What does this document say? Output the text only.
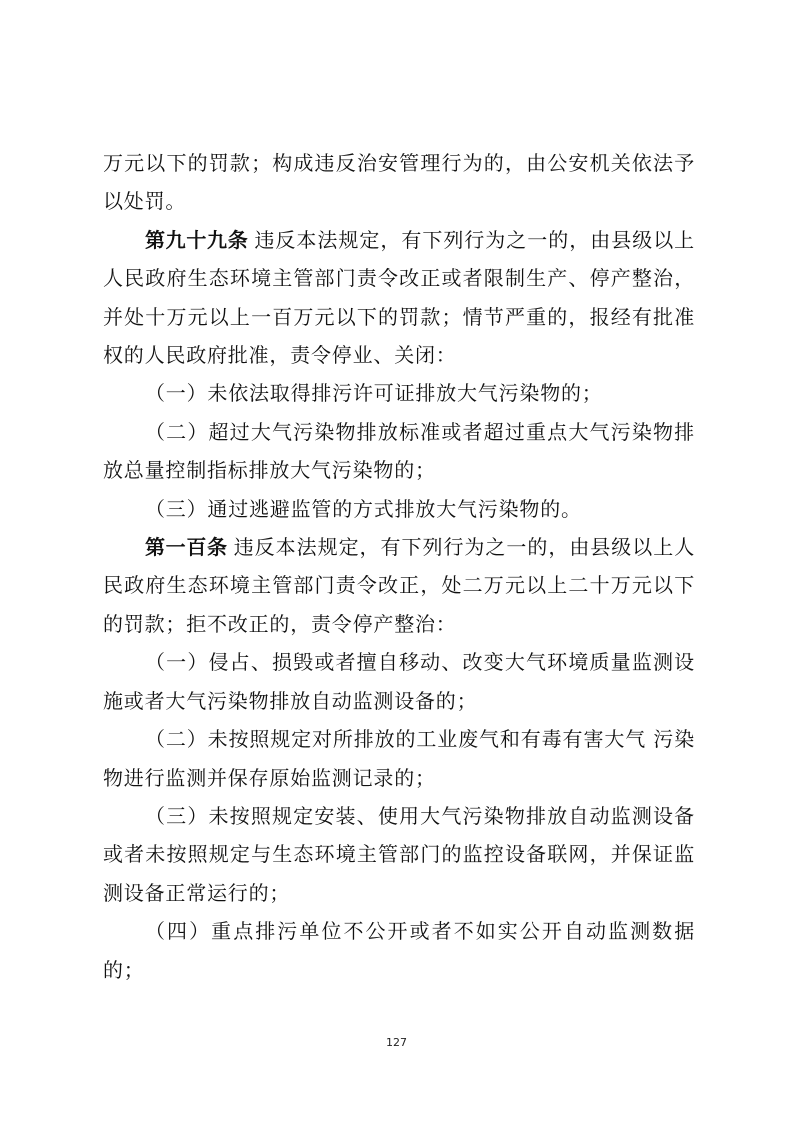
万元以下的罚款；构成违反治安管理行为的，由公安机关依法予以处罚。

第九十九条 违反本法规定，有下列行为之一的，由县级以上人民政府生态环境主管部门责令改正或者限制生产、停产整治，并处十万元以上一百万元以下的罚款；情节严重的，报经有批准权的人民政府批准，责令停业、关闭：

（一）未依法取得排污许可证排放大气污染物的；

（二）超过大气污染物排放标准或者超过重点大气污染物排放总量控制指标排放大气污染物的；

（三）通过逃避监管的方式排放大气污染物的。

第一百条 违反本法规定，有下列行为之一的，由县级以上人民政府生态环境主管部门责令改正，处二万元以上二十万元以下的罚款；拒不改正的，责令停产整治：

（一）侵占、损毁或者擅自移动、改变大气环境质量监测设施或者大气污染物排放自动监测设备的；

（二）未按照规定对所排放的工业废气和有毒有害大气 污染物进行监测并保存原始监测记录的；

（三）未按照规定安装、使用大气污染物排放自动监测设备或者未按照规定与生态环境主管部门的监控设备联网，并保证监测设备正常运行的；

（四）重点排污单位不公开或者不如实公开自动监测数据的；

127
